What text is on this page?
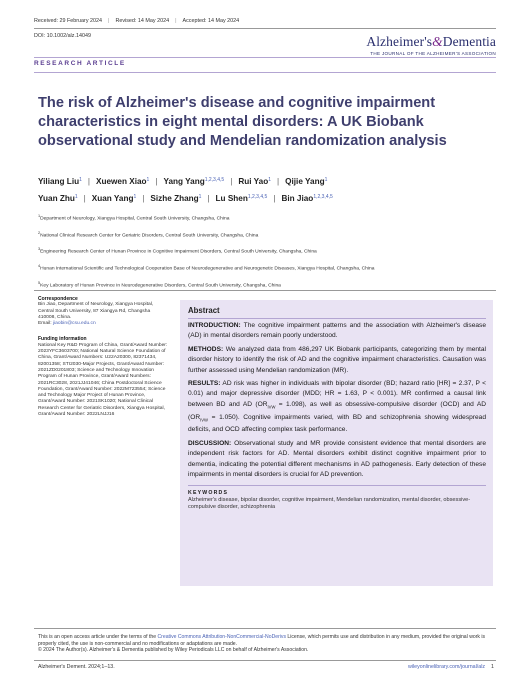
Received: 29 February 2024 | Revised: 14 May 2024 | Accepted: 14 May 2024
DOI: 10.1002/alz.14049	Alzheimer's&Dementia
THE JOURNAL OF THE ALZHEIMER'S ASSOCIATION
RESEARCH ARTICLE
The risk of Alzheimer's disease and cognitive impairment characteristics in eight mental disorders: A UK Biobank observational study and Mendelian randomization analysis
Yiliang Liu$^1$ | Xuewen Xiao$^1$ | Yang Yang$^{1,2,3,4,5}$ | Rui Yao$^1$ | Qijie Yang$^1$
Yuan Zhu$^1$ | Xuan Yang$^1$ | Sizhe Zhang$^1$ | Lu Shen$^{1,2,3,4,5}$ | Bin Jiao$^{1,2,3,4,5}$
$^1$Department of Neurology, Xiangya Hospital, Central South University, Changsha, China
$^2$National Clinical Research Center for Geriatric Disorders, Central South University, Changsha, China
$^3$Engineering Research Center of Hunan Province in Cognitive Impairment Disorders, Central South University, Changsha, China
$^4$Hunan International Scientific and Technological Cooperation Base of Neurodegenerative and Neurogenetic Diseases, Xiangya Hospital, Changsha, China
$^5$Key Laboratory of Hunan Province in Neurodegenerative Disorders, Central South University, Changsha, China
Correspondence
Bin Jiao, Department of Neurology, Xiangya Hospital, Central South University, 87 Xiangya Rd, Changsha 410008, China.
Email: jiaobin@csu.edu.cn
Funding information
National Key R&D Program of China, Grant/Award Number: 2023YFC3603700; National Natural Science Foundation of China, Grant/Award Numbers: U22A20300, 82371434, 82001358; STI2030-Major Projects, Grant/Award Number: 2021ZD0201803; Science and Technology Innovation Program of Hunan Province, Grant/Award Numbers: 2021RC3028, 2021JJ41046; China Postdoctoral Science Foundation, Grant/Award Number: 2022M723554; Science and Technology Major Project of Hunan Province, Grant/Award Number: 2021SK1020; National Clinical Research Center for Geriatric Disorders, Xiangya Hospital, Grant/Award Number: 2022LNJJ16
Abstract

INTRODUCTION: The cognitive impairment patterns and the association with Alzheimer's disease (AD) in mental disorders remain poorly understood.

METHODS: We analyzed data from 486,297 UK Biobank participants, categorizing them by mental disorder history to identify the risk of AD and the cognitive impairment characteristics. Causation was further assessed using Mendelian randomization (MR).

RESULTS: AD risk was higher in individuals with bipolar disorder (BD; hazard ratio [HR] = 2.37, P < 0.01) and major depressive disorder (MDD; HR = 1.63, P < 0.001). MR confirmed a causal link between BD and AD $(OR_{IVW} = 1.098)$, as well as obsessive-compulsive disorder (OCD) and AD $(OR_{IVW} = 1.050)$. Cognitive impairments varied, with BD and schizophrenia showing widespread deficits, and OCD affecting complex task performance.

DISCUSSION: Observational study and MR provide consistent evidence that mental disorders are independent risk factors for AD. Mental disorders exhibit distinct cognitive impairment prior to dementia, indicating the potential different mechanisms in AD pathogenesis. Early detection of these impairments in mental disorders is crucial for AD prevention.

KEYWORDS
Alzheimer's disease, bipolar disorder, cognitive impairment, Mendelian randomization, mental disorder, obsessive-compulsive disorder, schizophrenia
This is an open access article under the terms of the Creative Commons Attribution-NonCommercial-NoDerivs License, which permits use and distribution in any medium, provided the original work is properly cited, the use is non-commercial and no modifications or adaptations are made.
© 2024 The Author(s). Alzheimer's & Dementia published by Wiley Periodicals LLC on behalf of Alzheimer's Association.
Alzheimer's Dement. 2024;1–13.	wileyonlinelibrary.com/journal/alz 1
